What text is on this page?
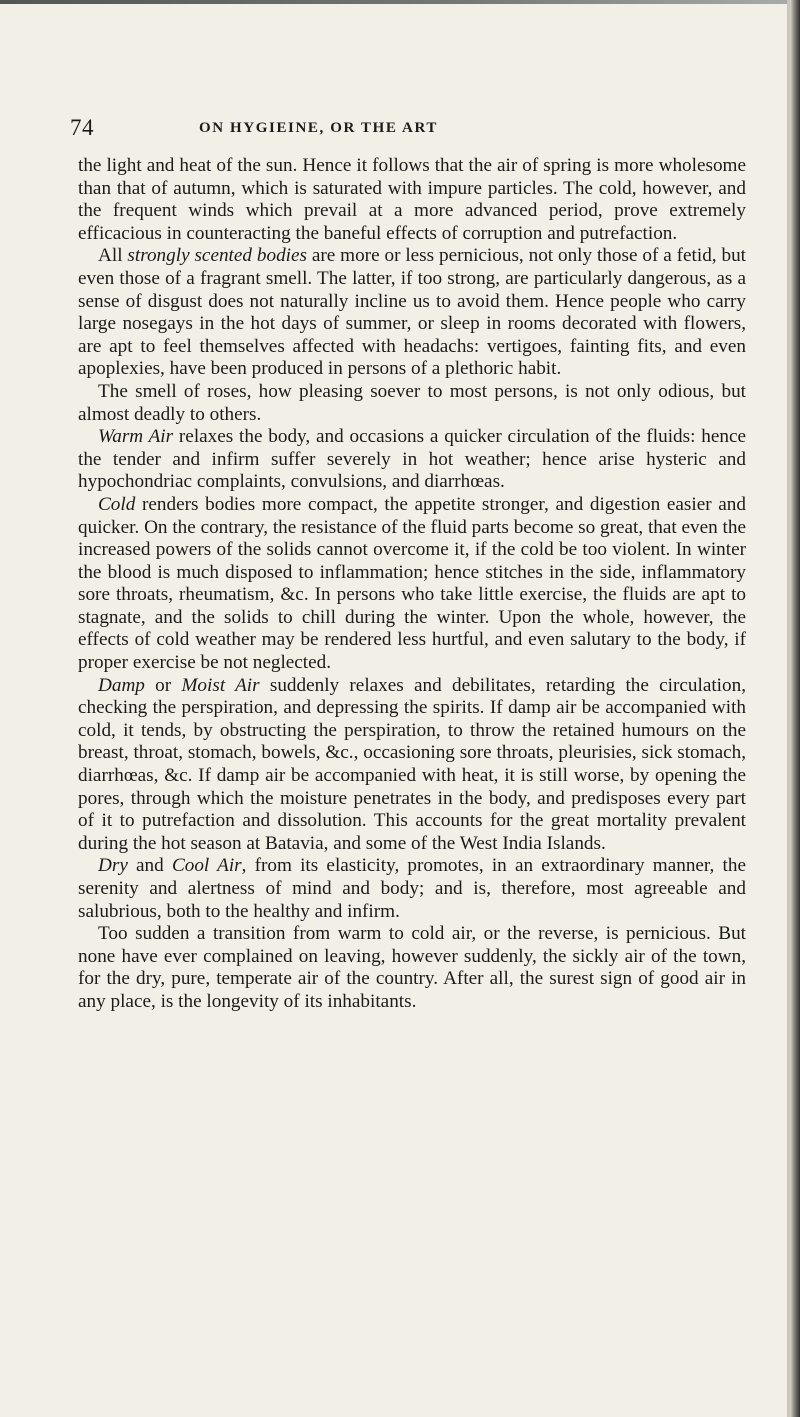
74	ON HYGIEINE, OR THE ART

the light and heat of the sun. Hence it follows that the air of spring is more wholesome than that of autumn, which is saturated with impure particles. The cold, however, and the frequent winds which prevail at a more advanced period, prove extremely efficacious in counteracting the baneful effects of corruption and putrefaction.

All strongly scented bodies are more or less pernicious, not only those of a fetid, but even those of a fragrant smell. The latter, if too strong, are particularly dangerous, as a sense of disgust does not naturally incline us to avoid them. Hence people who carry large nosegays in the hot days of summer, or sleep in rooms decorated with flowers, are apt to feel themselves affected with headachs: vertigoes, fainting fits, and even apoplexies, have been produced in persons of a plethoric habit.

The smell of roses, how pleasing soever to most persons, is not only odious, but almost deadly to others.

Warm Air relaxes the body, and occasions a quicker circulation of the fluids: hence the tender and infirm suffer severely in hot weather; hence arise hysteric and hypochondriac complaints, convulsions, and diarrhœas.

Cold renders bodies more compact, the appetite stronger, and digestion easier and quicker. On the contrary, the resistance of the fluid parts become so great, that even the increased powers of the solids cannot overcome it, if the cold be too violent. In winter the blood is much disposed to inflammation; hence stitches in the side, inflammatory sore throats, rheumatism, &c. In persons who take little exercise, the fluids are apt to stagnate, and the solids to chill during the winter. Upon the whole, however, the effects of cold weather may be rendered less hurtful, and even salutary to the body, if proper exercise be not neglected.

Damp or Moist Air suddenly relaxes and debilitates, retarding the circulation, checking the perspiration, and depressing the spirits. If damp air be accompanied with cold, it tends, by obstructing the perspiration, to throw the retained humours on the breast, throat, stomach, bowels, &c., occasioning sore throats, pleurisies, sick stomach, diarrhœas, &c. If damp air be accompanied with heat, it is still worse, by opening the pores, through which the moisture penetrates in the body, and predisposes every part of it to putrefaction and dissolution. This accounts for the great mortality prevalent during the hot season at Batavia, and some of the West India Islands.

Dry and Cool Air, from its elasticity, promotes, in an extraordinary manner, the serenity and alertness of mind and body; and is, therefore, most agreeable and salubrious, both to the healthy and infirm.

Too sudden a transition from warm to cold air, or the reverse, is pernicious. But none have ever complained on leaving, however suddenly, the sickly air of the town, for the dry, pure, temperate air of the country. After all, the surest sign of good air in any place, is the longevity of its inhabitants.
